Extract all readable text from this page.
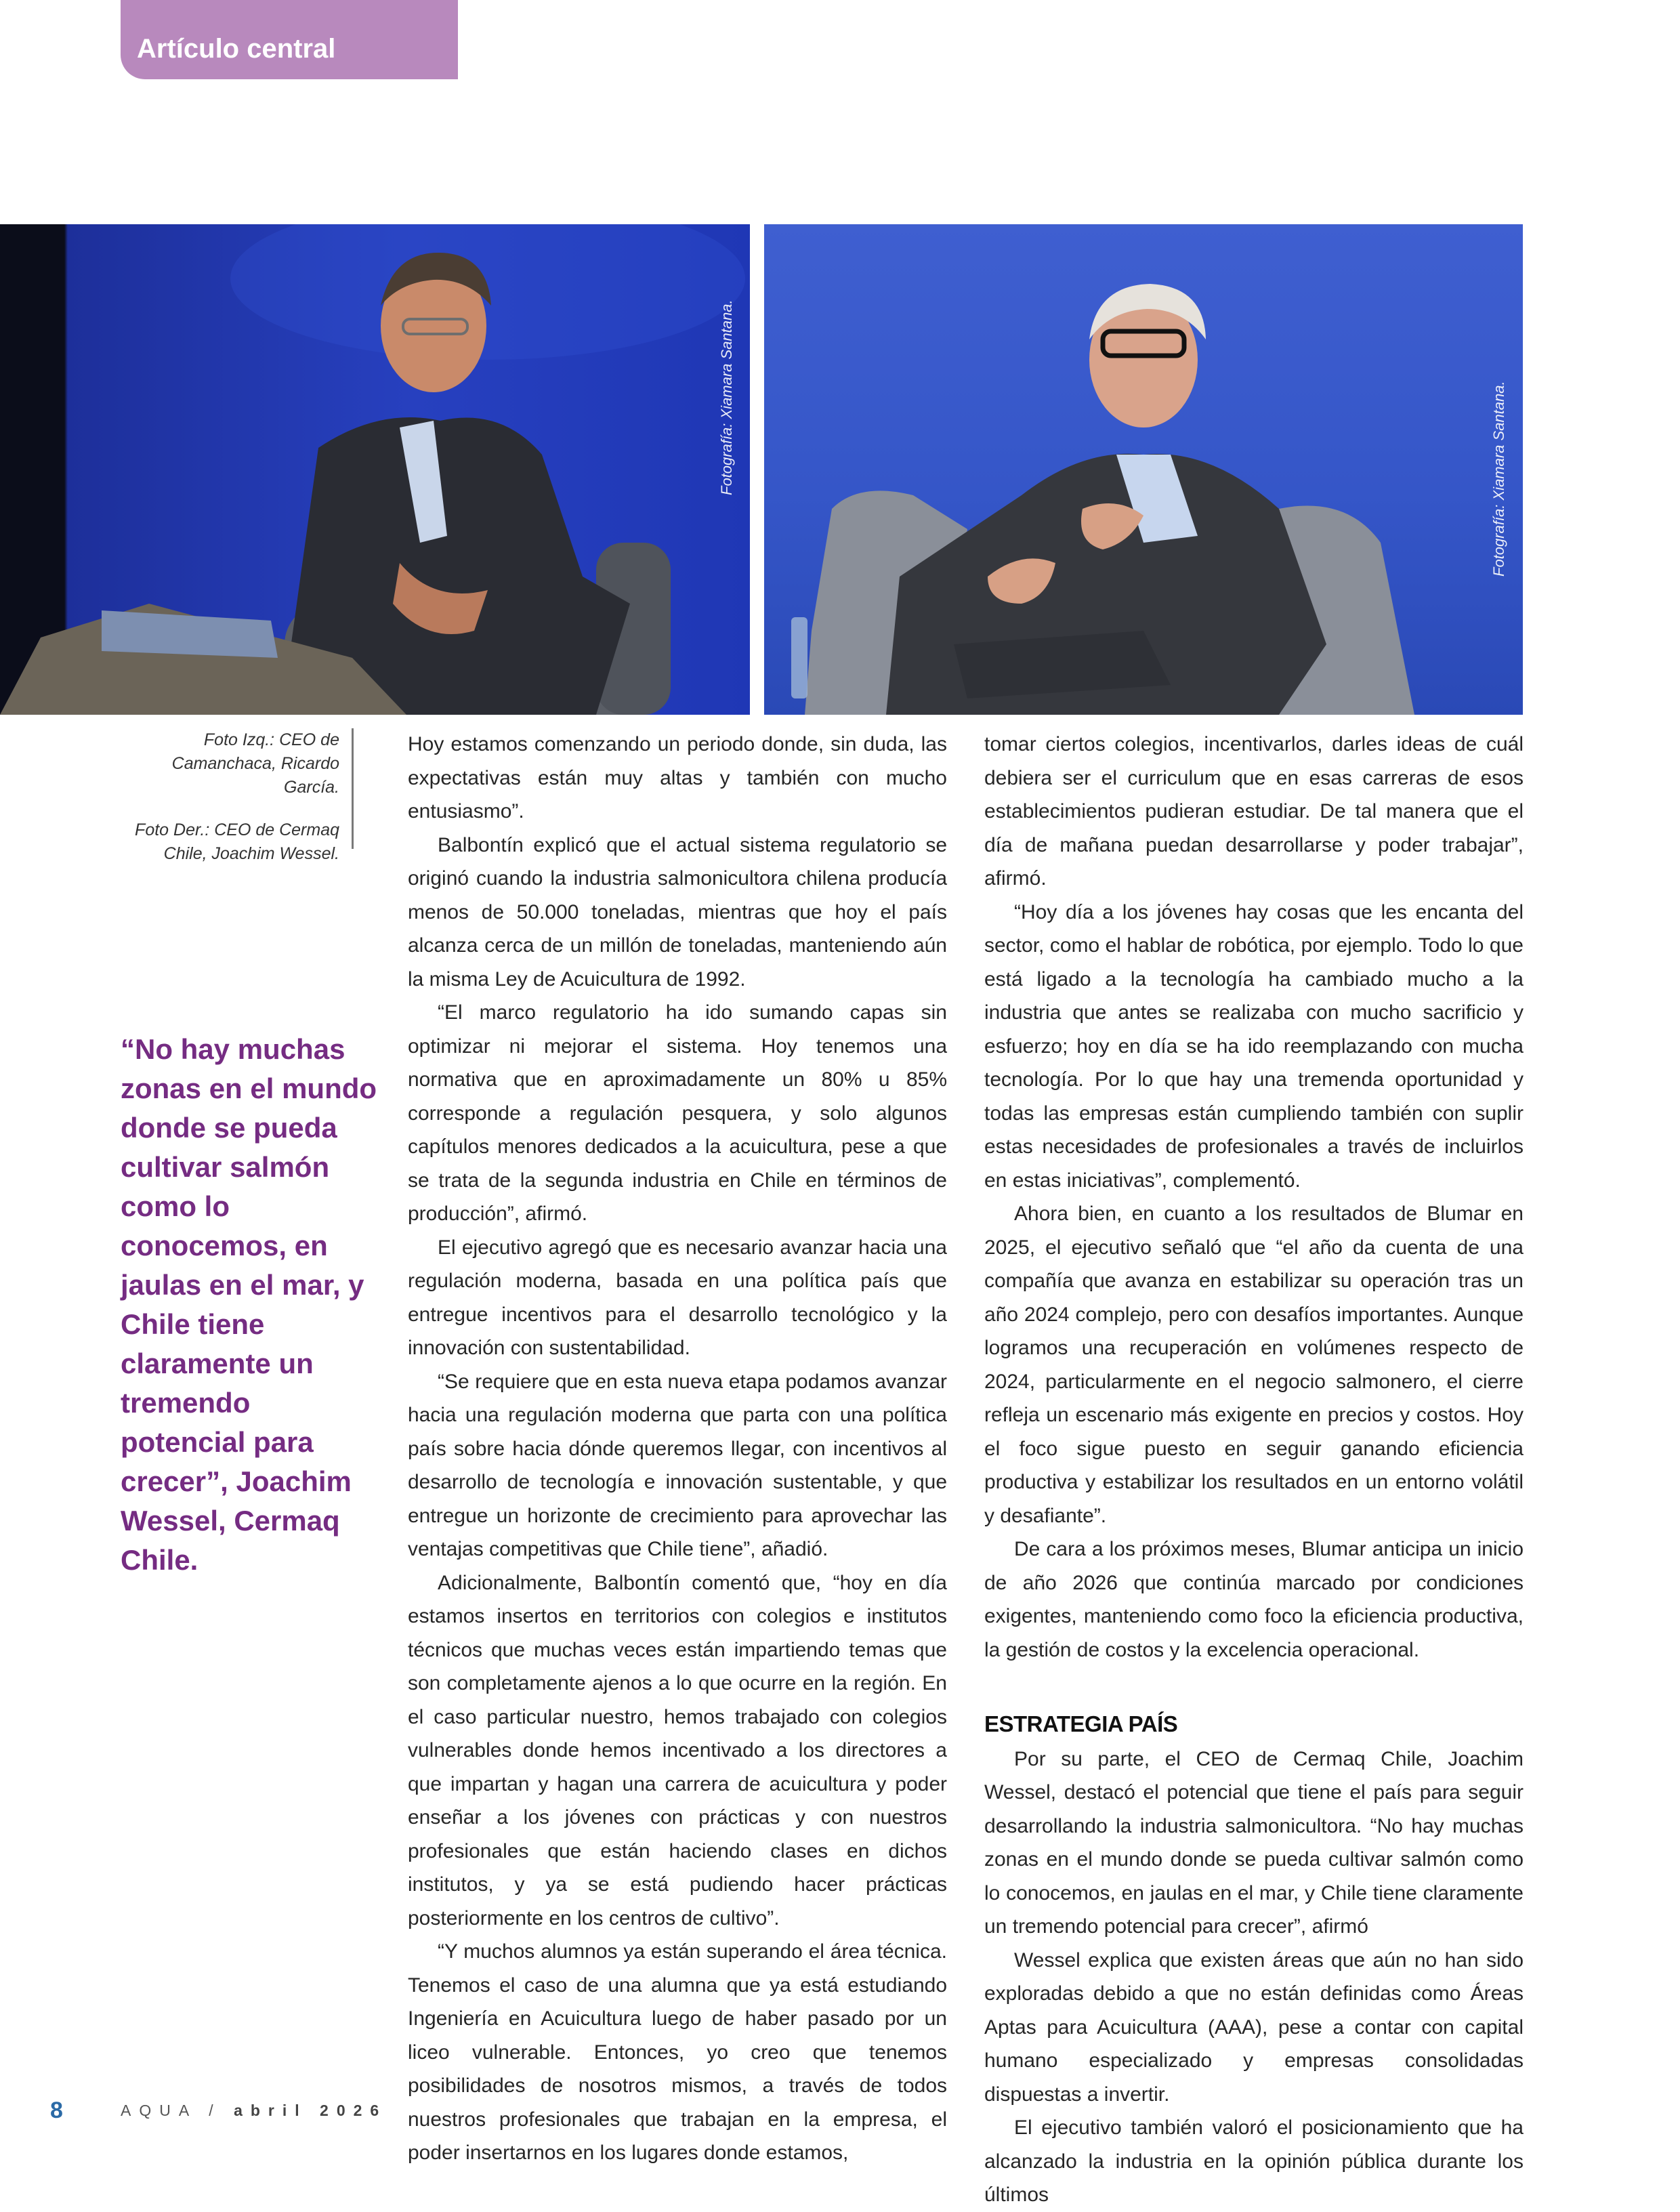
Artículo central
Fotografía: Xiamara Santana.	Fotografía: Xiamara Santana.

Foto Izq.: CEO de Camanchaca, Ricardo García.

Foto Der.: CEO de Cermaq Chile, Joachim Wessel.

“No hay muchas zonas en el mundo donde se pueda cultivar salmón como lo conocemos, en jaulas en el mar, y Chile tiene claramente un tremendo potencial para crecer”, Joachim Wessel, Cermaq Chile.

Hoy estamos comenzando un periodo donde, sin duda, las expectativas están muy altas y también con mucho entusiasmo”.

Balbontín explicó que el actual sistema regulatorio se originó cuando la industria salmonicultora chilena producía menos de 50.000 toneladas, mientras que hoy el país alcanza cerca de un millón de toneladas, manteniendo aún la misma Ley de Acuicultura de 1992.

“El marco regulatorio ha ido sumando capas sin optimizar ni mejorar el sistema. Hoy tenemos una normativa que en aproximadamente un 80% u 85% corresponde a regulación pesquera, y solo algunos capítulos menores dedicados a la acuicultura, pese a que se trata de la segunda industria en Chile en términos de producción”, afirmó.

El ejecutivo agregó que es necesario avanzar hacia una regulación moderna, basada en una política país que entregue incentivos para el desarrollo tecnológico y la innovación con sustentabilidad.

“Se requiere que en esta nueva etapa podamos avanzar hacia una regulación moderna que parta con una política país sobre hacia dónde queremos llegar, con incentivos al desarrollo de tecnología e innovación sustentable, y que entregue un horizonte de crecimiento para aprovechar las ventajas competitivas que Chile tiene”, añadió.

Adicionalmente, Balbontín comentó que, “hoy en día estamos insertos en territorios con colegios e institutos técnicos que muchas veces están impartiendo temas que son completamente ajenos a lo que ocurre en la región. En el caso particular nuestro, hemos trabajado con colegios vulnerables donde hemos incentivado a los directores a que impartan y hagan una carrera de acuicultura y poder enseñar a los jóvenes con prácticas y con nuestros profesionales que están haciendo clases en dichos institutos, y ya se está pudiendo hacer prácticas posteriormente en los centros de cultivo”.

“Y muchos alumnos ya están superando el área técnica. Tenemos el caso de una alumna que ya está estudiando Ingeniería en Acuicultura luego de haber pasado por un liceo vulnerable. Entonces, yo creo que tenemos posibilidades de nosotros mismos, a través de todos nuestros profesionales que trabajan en la empresa, el poder insertarnos en los lugares donde estamos,

tomar ciertos colegios, incentivarlos, darles ideas de cuál debiera ser el curriculum que en esas carreras de esos establecimientos pudieran estudiar. De tal manera que el día de mañana puedan desarrollarse y poder trabajar”, afirmó.

“Hoy día a los jóvenes hay cosas que les encanta del sector, como el hablar de robótica, por ejemplo. Todo lo que está ligado a la tecnología ha cambiado mucho a la industria que antes se realizaba con mucho sacrificio y esfuerzo; hoy en día se ha ido reemplazando con mucha tecnología. Por lo que hay una tremenda oportunidad y todas las empresas están cumpliendo también con suplir estas necesidades de profesionales a través de incluirlos en estas iniciativas”, complementó.

Ahora bien, en cuanto a los resultados de Blumar en 2025, el ejecutivo señaló que “el año da cuenta de una compañía que avanza en estabilizar su operación tras un año 2024 complejo, pero con desafíos importantes. Aunque logramos una recuperación en volúmenes respecto de 2024, particularmente en el negocio salmonero, el cierre refleja un escenario más exigente en precios y costos. Hoy el foco sigue puesto en seguir ganando eficiencia productiva y estabilizar los resultados en un entorno volátil y desafiante”.

De cara a los próximos meses, Blumar anticipa un inicio de año 2026 que continúa marcado por condiciones exigentes, manteniendo como foco la eficiencia productiva, la gestión de costos y la excelencia operacional.

ESTRATEGIA PAÍS

Por su parte, el CEO de Cermaq Chile, Joachim Wessel, destacó el potencial que tiene el país para seguir desarrollando la industria salmonicultora. “No hay muchas zonas en el mundo donde se pueda cultivar salmón como lo conocemos, en jaulas en el mar, y Chile tiene claramente un tremendo potencial para crecer”, afirmó

Wessel explica que existen áreas que aún no han sido exploradas debido a que no están definidas como Áreas Aptas para Acuicultura (AAA), pese a contar con capital humano especializado y empresas consolidadas dispuestas a invertir.

El ejecutivo también valoró el posicionamiento que ha alcanzado la industria en la opinión pública durante los últimos

8	AQUA / abril 2026
